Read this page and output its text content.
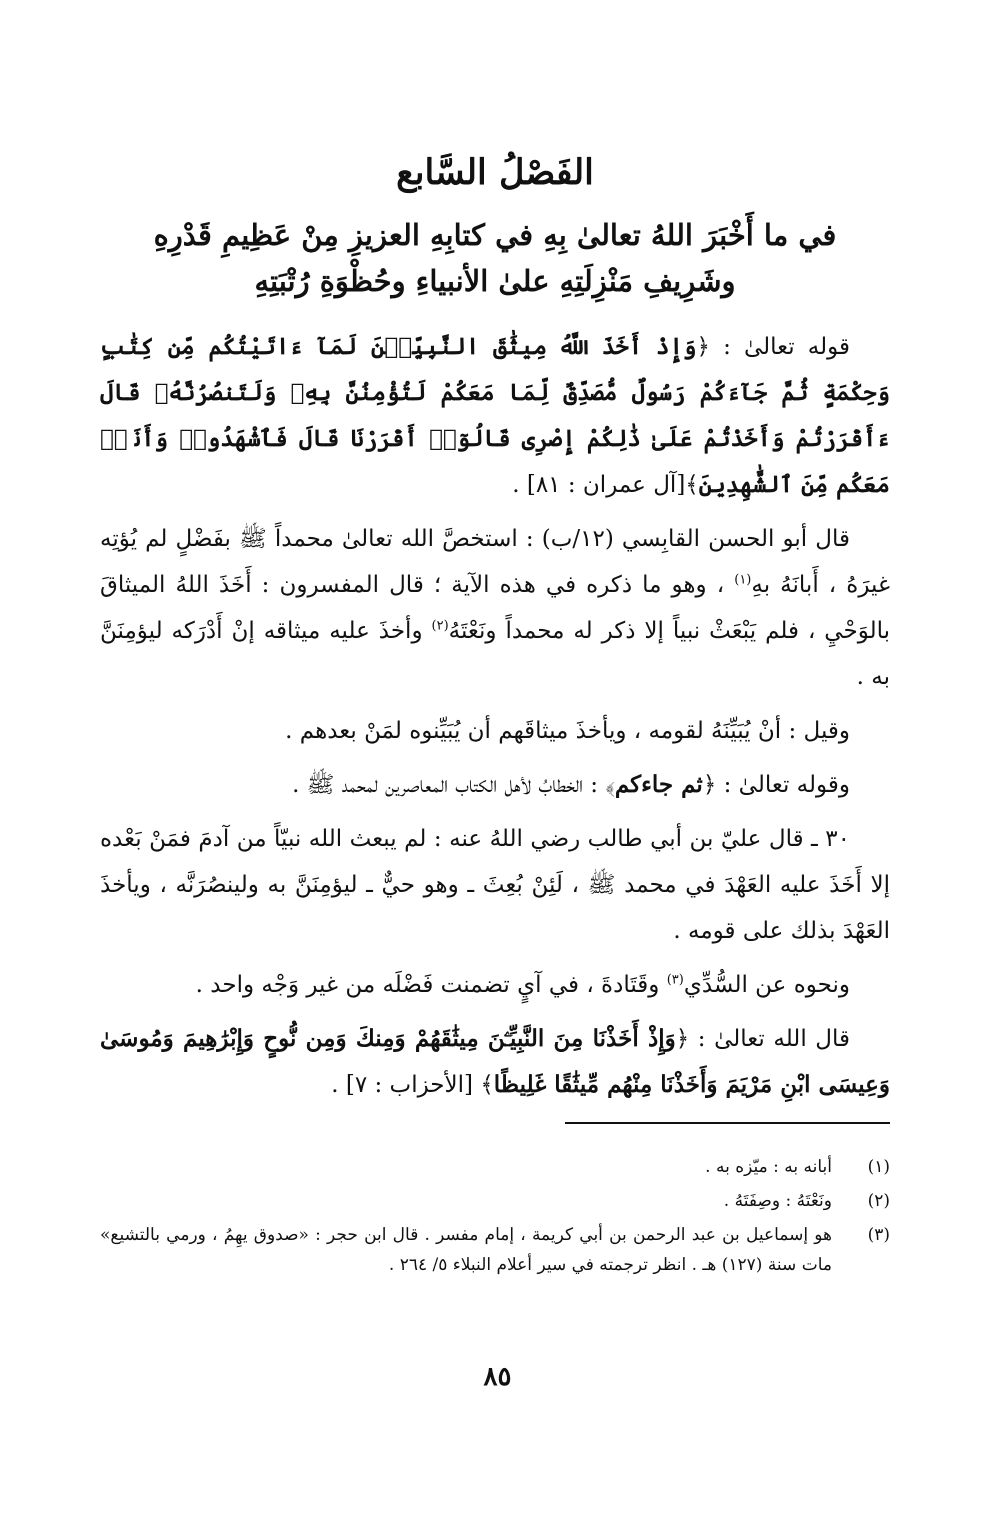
الفَصْلُ السَّابع
في ما أَخْبَرَ اللهُ تعالىٰ بِهِ في كتابِهِ العزيزِ مِنْ عَظِيمِ قَدْرِهِ
وشَرِيفِ مَنْزِلَتِهِ علىٰ الأنبياءِ وحُظْوَةِ رُتْبَتِهِ

قوله تعالىٰ : ﴿وَإِذْ أَخَذَ اللَّهُ مِيثَٰقَ النَّبِيِّـۧنَ لَمَآ ءَاتَيْتُكُم مِّن كِتَٰبٍ وَحِكْمَةٍ ثُمَّ جَآءَكُمْ رَسُولٌ مُّصَدِّقٌ لِّمَا مَعَكُمْ لَتُؤْمِنُنَّ بِهِۦ وَلَتَنصُرُنَّهُۥ قَالَ ءَأَقْرَرْتُمْ وَأَخَذْتُمْ عَلَىٰ ذَٰلِكُمْ إِصْرِى قَالُوٓا۟ أَقْرَرْنَا قَالَ فَٱشْهَدُوا۟ وَأَنَا۠ مَعَكُم مِّنَ ٱلشَّٰهِدِينَ﴾[آل عمران : ٨١] .

قال أبو الحسن القابِسي (١٢/ب) : استخصَّ الله تعالىٰ محمداً ﷺ بفَضْلٍ لم يُؤتِه غيرَهُ ، أَبانَهُ بهِ$^{(١)}$ ، وهو ما ذكره في هذه الآية ؛ قال المفسرون : أَخَذَ اللهُ الميثاقَ بالوَحْيِ ، فلم يَبْعَثْ نبياً إلا ذكر له محمداً ونَعْتَهُ$^{(٢)}$ وأخذَ عليه ميثاقه إنْ أَدْرَكه ليؤمِنَنَّ به .

وقيل : أنْ يُبَيِّنَهُ لقومه ، ويأخذَ ميثاقَهم أن يُبَيِّنوه لمَنْ بعدهم .

وقوله تعالىٰ : ﴿ثم جاءكم﴾ : الخطابُ لأهل الكتاب المعاصرين لمحمد ﷺ .

٣٠ ـ قال عليّ بن أبي طالب رضي اللهُ عنه : لم يبعث الله نبيّاً من آدمَ فمَنْ بَعْده إلا أَخَذَ عليه العَهْدَ في محمد ﷺ ، لَئِنْ بُعِثَ ـ وهو حيٌّ ـ ليؤمِنَنَّ به ولينصُرَنَّه ، ويأخذَ العَهْدَ بذلك على قومه .

ونحوه عن السُّدِّي$^{(٣)}$ وقَتَادةَ ، في آيٍ تضمنت فَضْلَه من غير وَجْه واحد .

قال الله تعالىٰ : ﴿وَإِذْ أَخَذْنَا مِنَ النَّبِيِّـۧنَ مِيثَٰقَهُمْ وَمِنكَ وَمِن نُّوحٍ وَإِبْرَٰهِيمَ وَمُوسَىٰ وَعِيسَى ابْنِ مَرْيَمَ وَأَخَذْنَا مِنْهُم مِّيثَٰقًا غَلِيظًا﴾ [الأحزاب : ٧] .

(١)
أبانه به : ميّزه به .
(٢)
ونَعْتَهُ : وصِفَتَهُ .
(٣)
هو إسماعيل بن عبد الرحمن بن أبي كريمة ، إمام مفسر . قال ابن حجر : «صدوق يهِمُ ، ورمي بالتشيع» مات سنة (١٢٧) هـ . انظر ترجمته في سير أعلام النبلاء ٥/ ٢٦٤ .
٨٥
